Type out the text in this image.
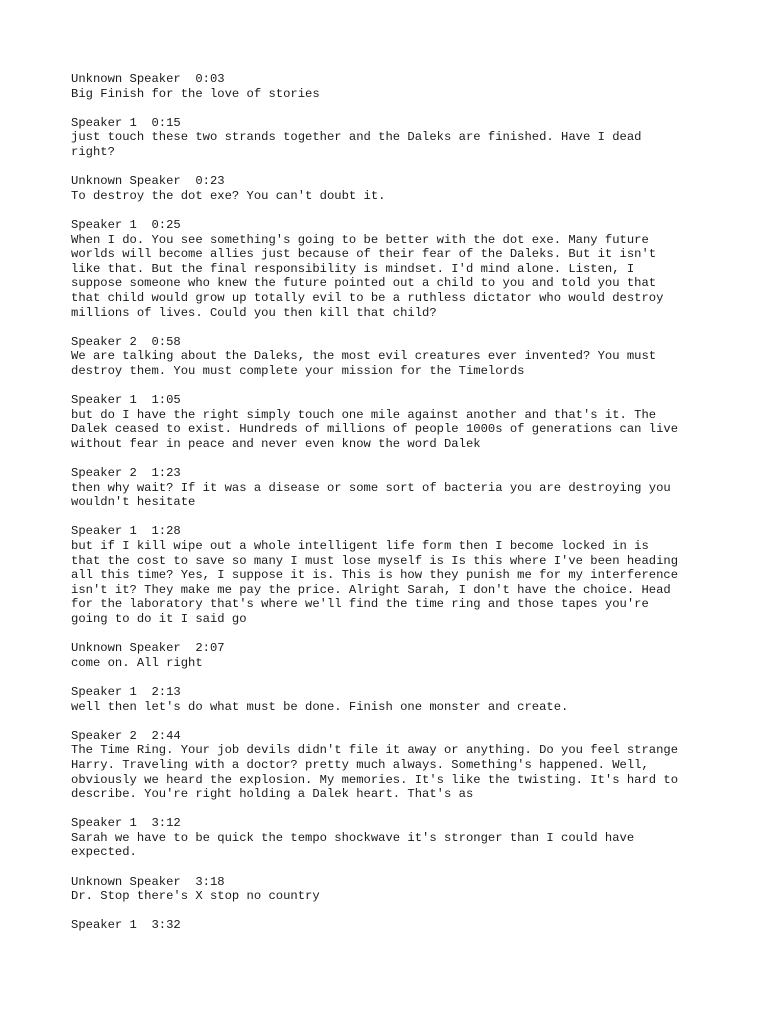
Unknown Speaker 0:03
Big Finish for the love of stories
Speaker 1 0:15
just touch these two strands together and the Daleks are finished. Have I dead
right?
Unknown Speaker 0:23
To destroy the dot exe? You can't doubt it.
Speaker 1 0:25
When I do. You see something's going to be better with the dot exe. Many future
worlds will become allies just because of their fear of the Daleks. But it isn't
like that. But the final responsibility is mindset. I'd mind alone. Listen, I
suppose someone who knew the future pointed out a child to you and told you that
that child would grow up totally evil to be a ruthless dictator who would destroy
millions of lives. Could you then kill that child?
Speaker 2 0:58
We are talking about the Daleks, the most evil creatures ever invented? You must
destroy them. You must complete your mission for the Timelords
Speaker 1 1:05
but do I have the right simply touch one mile against another and that's it. The
Dalek ceased to exist. Hundreds of millions of people 1000s of generations can live
without fear in peace and never even know the word Dalek
Speaker 2 1:23
then why wait? If it was a disease or some sort of bacteria you are destroying you
wouldn't hesitate
Speaker 1 1:28
but if I kill wipe out a whole intelligent life form then I become locked in is
that the cost to save so many I must lose myself is Is this where I've been heading
all this time? Yes, I suppose it is. This is how they punish me for my interference
isn't it? They make me pay the price. Alright Sarah, I don't have the choice. Head
for the laboratory that's where we'll find the time ring and those tapes you're
going to do it I said go
Unknown Speaker 2:07
come on. All right
Speaker 1 2:13
well then let's do what must be done. Finish one monster and create.
Speaker 2 2:44
The Time Ring. Your job devils didn't file it away or anything. Do you feel strange
Harry. Traveling with a doctor? pretty much always. Something's happened. Well,
obviously we heard the explosion. My memories. It's like the twisting. It's hard to
describe. You're right holding a Dalek heart. That's as
Speaker 1 3:12
Sarah we have to be quick the tempo shockwave it's stronger than I could have
expected.
Unknown Speaker 3:18
Dr. Stop there's X stop no country
Speaker 1 3:32
